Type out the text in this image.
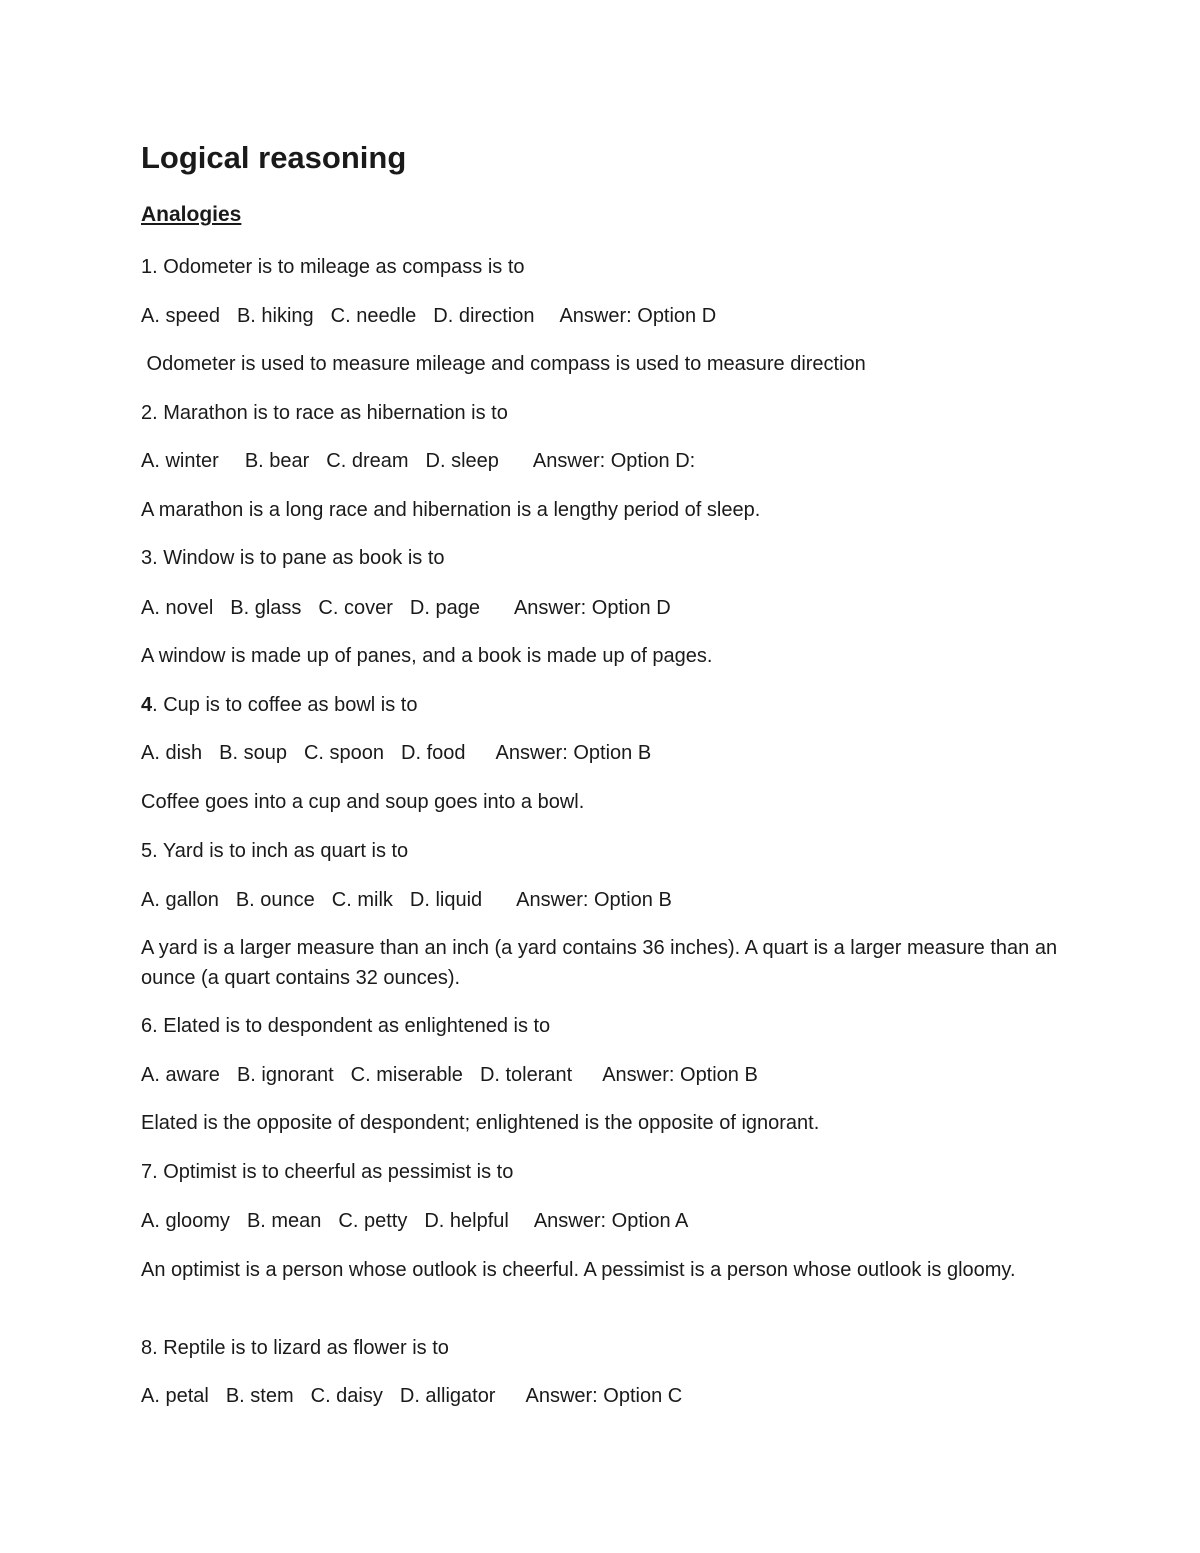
Logical reasoning
Analogies
1. Odometer is to mileage as compass is to
A. speed B. hiking C. needle D. direction Answer: Option D
Odometer is used to measure mileage and compass is used to measure direction
2. Marathon is to race as hibernation is to
A. winter B. bear C. dream D. sleep Answer: Option D:
A marathon is a long race and hibernation is a lengthy period of sleep.
3. Window is to pane as book is to
A. novel B. glass C. cover D. page Answer: Option D
A window is made up of panes, and a book is made up of pages.
4. Cup is to coffee as bowl is to
A. dish B. soup C. spoon D. food Answer: Option B
Coffee goes into a cup and soup goes into a bowl.
5. Yard is to inch as quart is to
A. gallon B. ounce C. milk D. liquid Answer: Option B
A yard is a larger measure than an inch (a yard contains 36 inches). A quart is a larger measure than an ounce (a quart contains 32 ounces).
6. Elated is to despondent as enlightened is to
A. aware B. ignorant C. miserable D. tolerant Answer: Option B
Elated is the opposite of despondent; enlightened is the opposite of ignorant.
7. Optimist is to cheerful as pessimist is to
A. gloomy B. mean C. petty D. helpful Answer: Option A
An optimist is a person whose outlook is cheerful. A pessimist is a person whose outlook is gloomy.
8. Reptile is to lizard as flower is to
A. petal B. stem C. daisy D. alligator Answer: Option C
